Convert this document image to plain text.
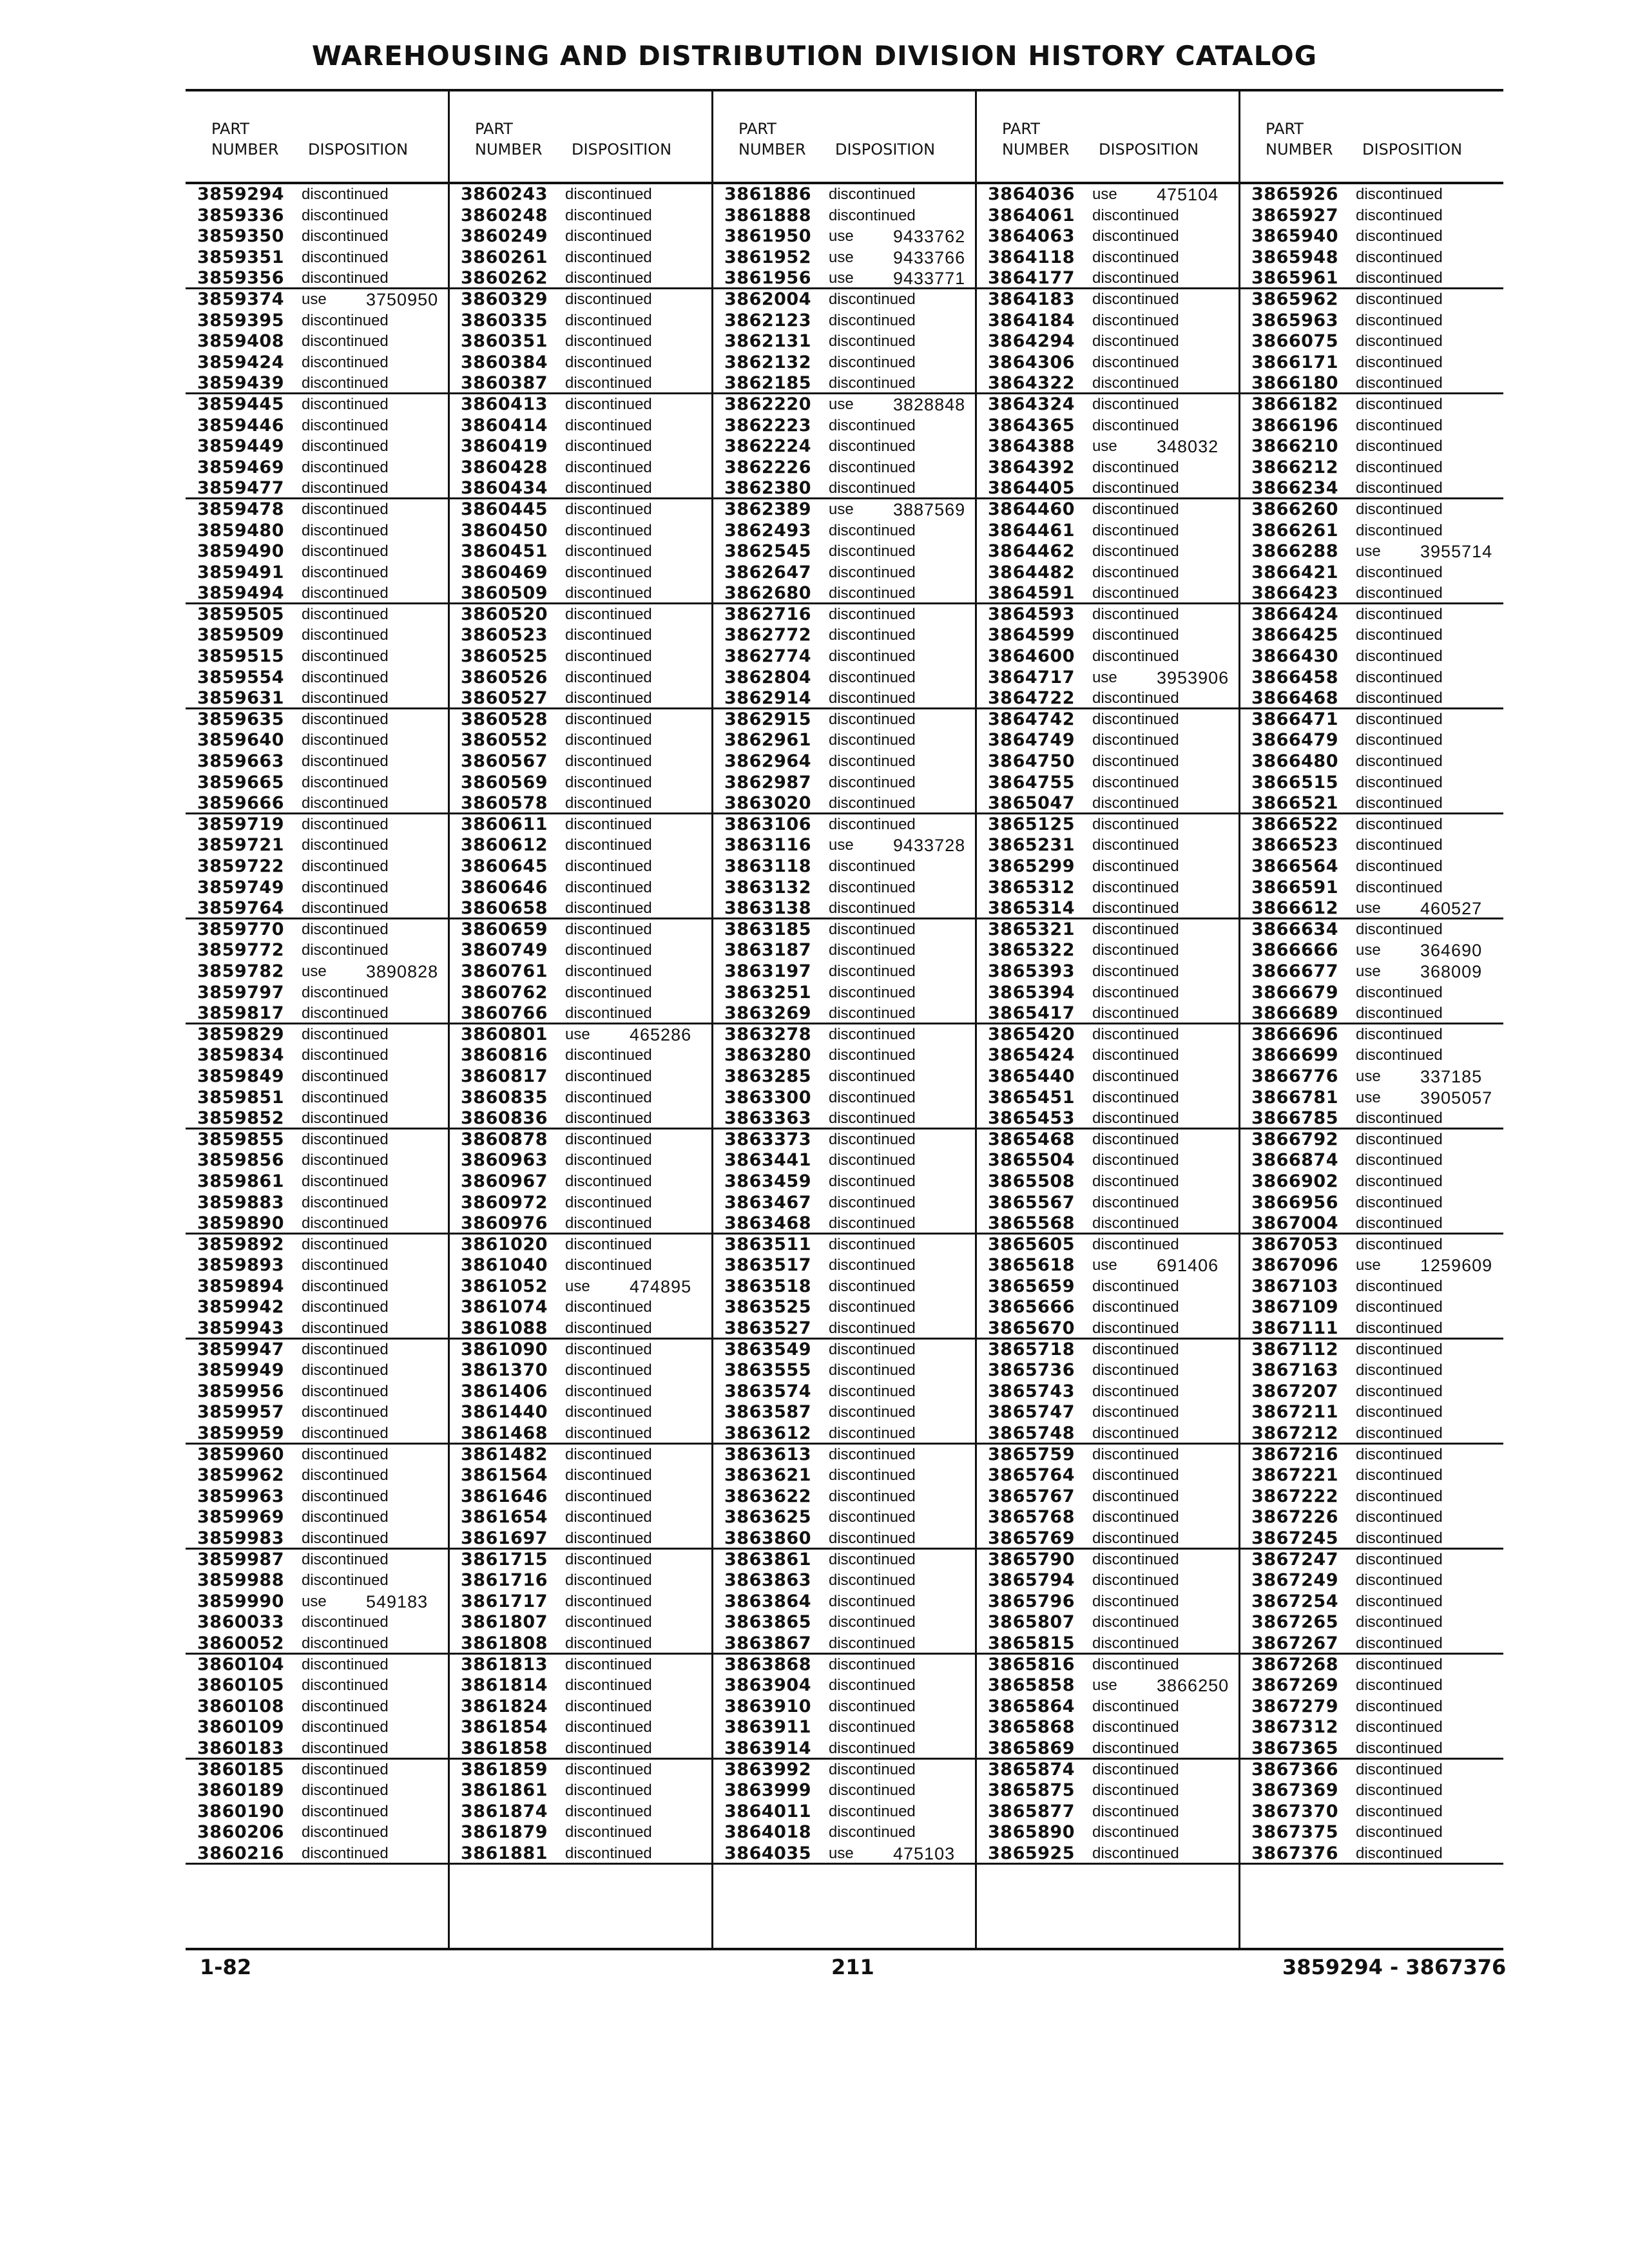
WAREHOUSING AND DISTRIBUTION DIVISION HISTORY CATALOG
PART
NUMBER DISPOSITION
3859294 discontinued
3859336 discontinued
3859350 discontinued
3859351 discontinued
3859356 discontinued
3859374 use 3750950
3859395 discontinued
3859408 discontinued
3859424 discontinued
3859439 discontinued
3859445 discontinued
3859446 discontinued
3859449 discontinued
3859469 discontinued
3859477 discontinued
3859478 discontinued
3859480 discontinued
3859490 discontinued
3859491 discontinued
3859494 discontinued
3859505 discontinued
3859509 discontinued
3859515 discontinued
3859554 discontinued
3859631 discontinued
3859635 discontinued
3859640 discontinued
3859663 discontinued
3859665 discontinued
3859666 discontinued
3859719 discontinued
3859721 discontinued
3859722 discontinued
3859749 discontinued
3859764 discontinued
3859770 discontinued
3859772 discontinued
3859782 use 3890828
3859797 discontinued
3859817 discontinued
3859829 discontinued
3859834 discontinued
3859849 discontinued
3859851 discontinued
3859852 discontinued
3859855 discontinued
3859856 discontinued
3859861 discontinued
3859883 discontinued
3859890 discontinued
3859892 discontinued
3859893 discontinued
3859894 discontinued
3859942 discontinued
3859943 discontinued
3859947 discontinued
3859949 discontinued
3859956 discontinued
3859957 discontinued
3859959 discontinued
3859960 discontinued
3859962 discontinued
3859963 discontinued
3859969 discontinued
3859983 discontinued
3859987 discontinued
3859988 discontinued
3859990 use 549183
3860033 discontinued
3860052 discontinued
3860104 discontinued
3860105 discontinued
3860108 discontinued
3860109 discontinued
3860183 discontinued
3860185 discontinued
3860189 discontinued
3860190 discontinued
3860206 discontinued
3860216 discontinued
PART
NUMBER DISPOSITION
3860243 discontinued
3860248 discontinued
3860249 discontinued
3860261 discontinued
3860262 discontinued
3860329 discontinued
3860335 discontinued
3860351 discontinued
3860384 discontinued
3860387 discontinued
3860413 discontinued
3860414 discontinued
3860419 discontinued
3860428 discontinued
3860434 discontinued
3860445 discontinued
3860450 discontinued
3860451 discontinued
3860469 discontinued
3860509 discontinued
3860520 discontinued
3860523 discontinued
3860525 discontinued
3860526 discontinued
3860527 discontinued
3860528 discontinued
3860552 discontinued
3860567 discontinued
3860569 discontinued
3860578 discontinued
3860611 discontinued
3860612 discontinued
3860645 discontinued
3860646 discontinued
3860658 discontinued
3860659 discontinued
3860749 discontinued
3860761 discontinued
3860762 discontinued
3860766 discontinued
3860801 use 465286
3860816 discontinued
3860817 discontinued
3860835 discontinued
3860836 discontinued
3860878 discontinued
3860963 discontinued
3860967 discontinued
3860972 discontinued
3860976 discontinued
3861020 discontinued
3861040 discontinued
3861052 use 474895
3861074 discontinued
3861088 discontinued
3861090 discontinued
3861370 discontinued
3861406 discontinued
3861440 discontinued
3861468 discontinued
3861482 discontinued
3861564 discontinued
3861646 discontinued
3861654 discontinued
3861697 discontinued
3861715 discontinued
3861716 discontinued
3861717 discontinued
3861807 discontinued
3861808 discontinued
3861813 discontinued
3861814 discontinued
3861824 discontinued
3861854 discontinued
3861858 discontinued
3861859 discontinued
3861861 discontinued
3861874 discontinued
3861879 discontinued
3861881 discontinued
PART
NUMBER DISPOSITION
3861886 discontinued
3861888 discontinued
3861950 use 9433762
3861952 use 9433766
3861956 use 9433771
3862004 discontinued
3862123 discontinued
3862131 discontinued
3862132 discontinued
3862185 discontinued
3862220 use 3828848
3862223 discontinued
3862224 discontinued
3862226 discontinued
3862380 discontinued
3862389 use 3887569
3862493 discontinued
3862545 discontinued
3862647 discontinued
3862680 discontinued
3862716 discontinued
3862772 discontinued
3862774 discontinued
3862804 discontinued
3862914 discontinued
3862915 discontinued
3862961 discontinued
3862964 discontinued
3862987 discontinued
3863020 discontinued
3863106 discontinued
3863116 use 9433728
3863118 discontinued
3863132 discontinued
3863138 discontinued
3863185 discontinued
3863187 discontinued
3863197 discontinued
3863251 discontinued
3863269 discontinued
3863278 discontinued
3863280 discontinued
3863285 discontinued
3863300 discontinued
3863363 discontinued
3863373 discontinued
3863441 discontinued
3863459 discontinued
3863467 discontinued
3863468 discontinued
3863511 discontinued
3863517 discontinued
3863518 discontinued
3863525 discontinued
3863527 discontinued
3863549 discontinued
3863555 discontinued
3863574 discontinued
3863587 discontinued
3863612 discontinued
3863613 discontinued
3863621 discontinued
3863622 discontinued
3863625 discontinued
3863860 discontinued
3863861 discontinued
3863863 discontinued
3863864 discontinued
3863865 discontinued
3863867 discontinued
3863868 discontinued
3863904 discontinued
3863910 discontinued
3863911 discontinued
3863914 discontinued
3863992 discontinued
3863999 discontinued
3864011 discontinued
3864018 discontinued
3864035 use 475103
PART
NUMBER DISPOSITION
3864036 use 475104
3864061 discontinued
3864063 discontinued
3864118 discontinued
3864177 discontinued
3864183 discontinued
3864184 discontinued
3864294 discontinued
3864306 discontinued
3864322 discontinued
3864324 discontinued
3864365 discontinued
3864388 use 348032
3864392 discontinued
3864405 discontinued
3864460 discontinued
3864461 discontinued
3864462 discontinued
3864482 discontinued
3864591 discontinued
3864593 discontinued
3864599 discontinued
3864600 discontinued
3864717 use 3953906
3864722 discontinued
3864742 discontinued
3864749 discontinued
3864750 discontinued
3864755 discontinued
3865047 discontinued
3865125 discontinued
3865231 discontinued
3865299 discontinued
3865312 discontinued
3865314 discontinued
3865321 discontinued
3865322 discontinued
3865393 discontinued
3865394 discontinued
3865417 discontinued
3865420 discontinued
3865424 discontinued
3865440 discontinued
3865451 discontinued
3865453 discontinued
3865468 discontinued
3865504 discontinued
3865508 discontinued
3865567 discontinued
3865568 discontinued
3865605 discontinued
3865618 use 691406
3865659 discontinued
3865666 discontinued
3865670 discontinued
3865718 discontinued
3865736 discontinued
3865743 discontinued
3865747 discontinued
3865748 discontinued
3865759 discontinued
3865764 discontinued
3865767 discontinued
3865768 discontinued
3865769 discontinued
3865790 discontinued
3865794 discontinued
3865796 discontinued
3865807 discontinued
3865815 discontinued
3865816 discontinued
3865858 use 3866250
3865864 discontinued
3865868 discontinued
3865869 discontinued
3865874 discontinued
3865875 discontinued
3865877 discontinued
3865890 discontinued
3865925 discontinued
PART
NUMBER DISPOSITION
3865926 discontinued
3865927 discontinued
3865940 discontinued
3865948 discontinued
3865961 discontinued
3865962 discontinued
3865963 discontinued
3866075 discontinued
3866171 discontinued
3866180 discontinued
3866182 discontinued
3866196 discontinued
3866210 discontinued
3866212 discontinued
3866234 discontinued
3866260 discontinued
3866261 discontinued
3866288 use 3955714
3866421 discontinued
3866423 discontinued
3866424 discontinued
3866425 discontinued
3866430 discontinued
3866458 discontinued
3866468 discontinued
3866471 discontinued
3866479 discontinued
3866480 discontinued
3866515 discontinued
3866521 discontinued
3866522 discontinued
3866523 discontinued
3866564 discontinued
3866591 discontinued
3866612 use 460527
3866634 discontinued
3866666 use 364690
3866677 use 368009
3866679 discontinued
3866689 discontinued
3866696 discontinued
3866699 discontinued
3866776 use 337185
3866781 use 3905057
3866785 discontinued
3866792 discontinued
3866874 discontinued
3866902 discontinued
3866956 discontinued
3867004 discontinued
3867053 discontinued
3867096 use 1259609
3867103 discontinued
3867109 discontinued
3867111 discontinued
3867112 discontinued
3867163 discontinued
3867207 discontinued
3867211 discontinued
3867212 discontinued
3867216 discontinued
3867221 discontinued
3867222 discontinued
3867226 discontinued
3867245 discontinued
3867247 discontinued
3867249 discontinued
3867254 discontinued
3867265 discontinued
3867267 discontinued
3867268 discontinued
3867269 discontinued
3867279 discontinued
3867312 discontinued
3867365 discontinued
3867366 discontinued
3867369 discontinued
3867370 discontinued
3867375 discontinued
3867376 discontinued
1-82	211	3859294 - 3867376
